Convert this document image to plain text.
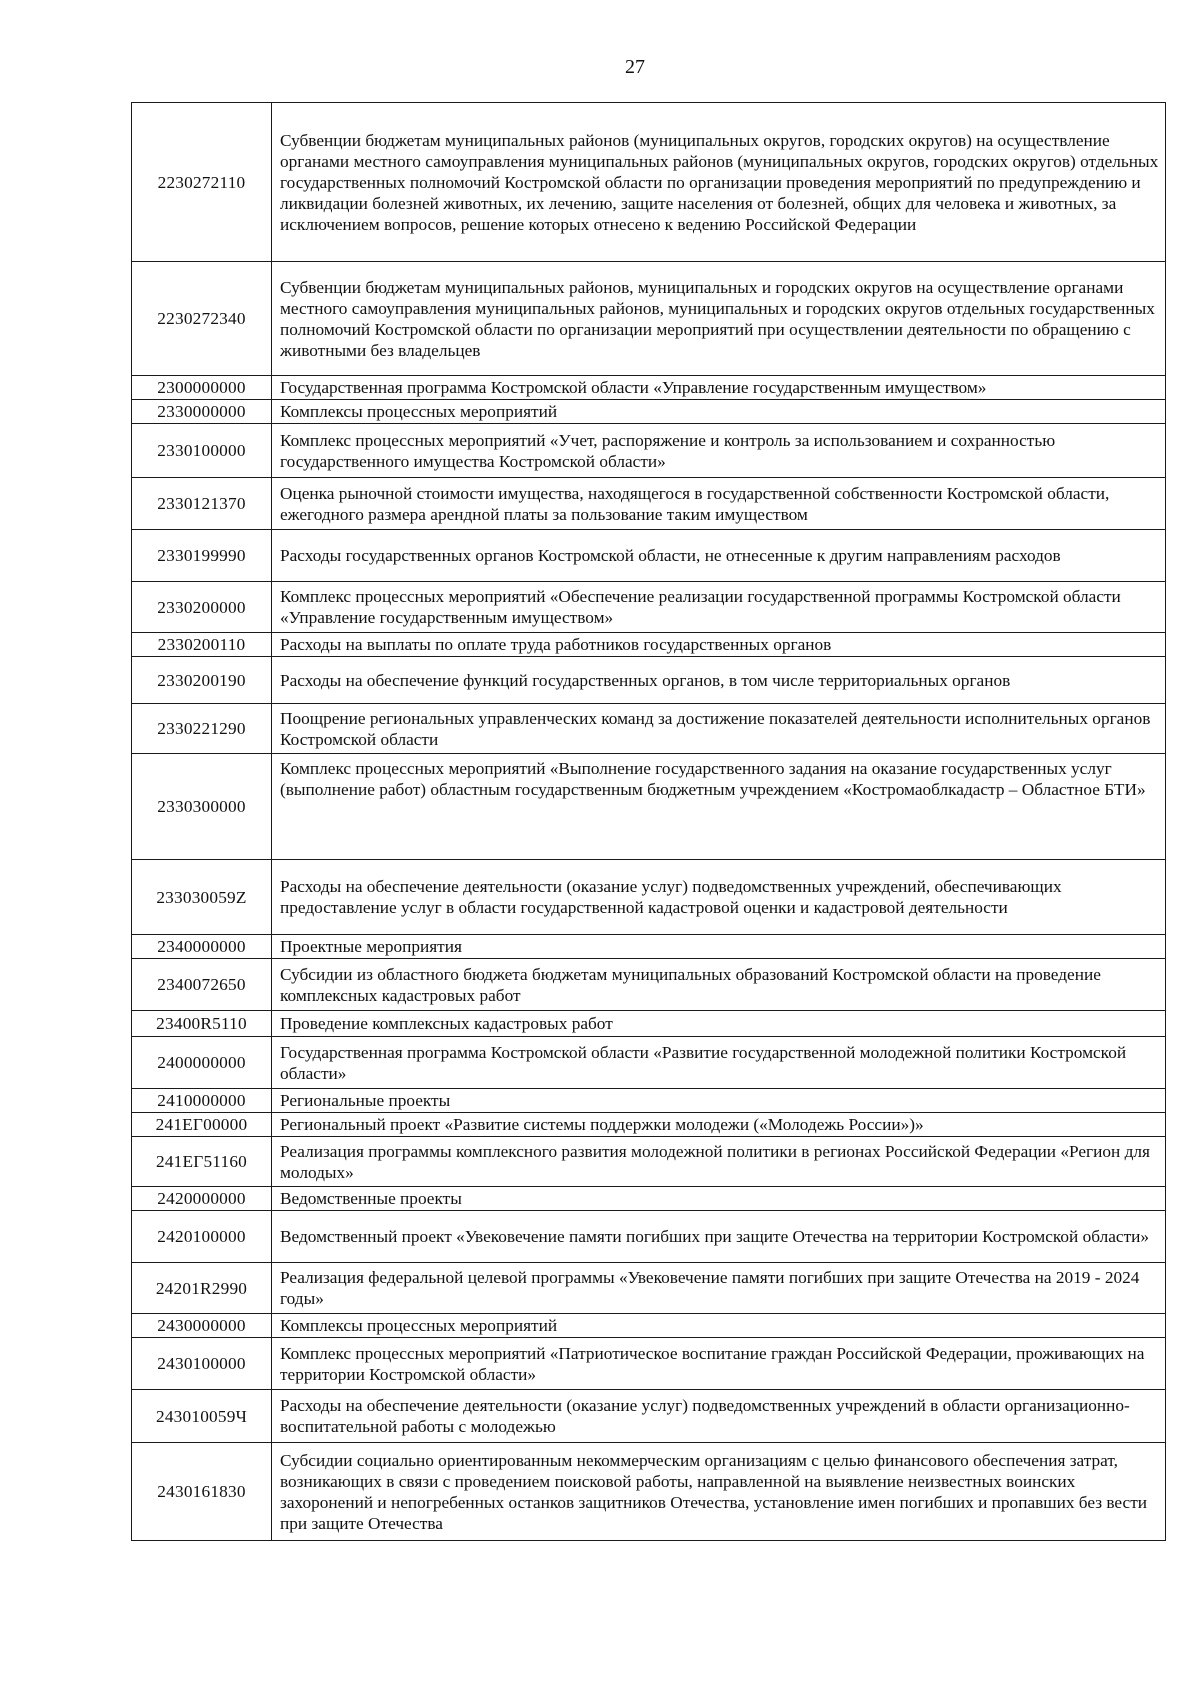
27
2230272110	Субвенции бюджетам муниципальных районов (муниципальных округов, городских округов) на осуществление органами местного самоуправления муниципальных районов (муниципальных округов, городских округов) отдельных государственных полномочий Костромской области по организации проведения мероприятий по предупреждению и ликвидации болезней животных, их лечению, защите населения от болезней, общих для человека и животных, за исключением вопросов, решение которых отнесено к ведению Российской Федерации
2230272340	Субвенции бюджетам муниципальных районов, муниципальных и городских округов на осуществление органами местного самоуправления муниципальных районов, муниципальных и городских округов отдельных государственных полномочий Костромской области по организации мероприятий при осуществлении деятельности по обращению с животными без владельцев
2300000000	Государственная программа Костромской области «Управление государственным имуществом»
2330000000	Комплексы процессных мероприятий
2330100000	Комплекс процессных мероприятий «Учет, распоряжение и контроль за использованием и сохранностью государственного имущества Костромской области»
2330121370	Оценка рыночной стоимости имущества, находящегося в государственной собственности Костромской области, ежегодного размера арендной платы за пользование таким имуществом
2330199990	Расходы государственных органов Костромской области, не отнесенные к другим направлениям расходов
2330200000	Комплекс процессных мероприятий «Обеспечение реализации государственной программы Костромской области «Управление государственным имуществом»
2330200110	Расходы на выплаты по оплате труда работников государственных органов
2330200190	Расходы на обеспечение функций государственных органов, в том числе территориальных органов
2330221290	Поощрение региональных управленческих команд за достижение показателей деятельности исполнительных органов Костромской области
2330300000	Комплекс процессных мероприятий «Выполнение государственного задания на оказание государственных услуг (выполнение работ) областным государственным бюджетным учреждением «Костромаоблкадастр – Областное БТИ»
233030059Z	Расходы на обеспечение деятельности (оказание услуг) подведомственных учреждений, обеспечивающих предоставление услуг в области государственной кадастровой оценки и кадастровой деятельности
2340000000	Проектные мероприятия
2340072650	Субсидии из областного бюджета бюджетам муниципальных образований Костромской области на проведение комплексных кадастровых работ
23400R5110	Проведение комплексных кадастровых работ
2400000000	Государственная программа Костромской области «Развитие государственной молодежной политики Костромской области»
2410000000	Региональные проекты
241ЕГ00000	Региональный проект «Развитие системы поддержки молодежи («Молодежь России»)»
241ЕГ51160	Реализация программы комплексного развития молодежной политики в регионах Российской Федерации «Регион для молодых»
2420000000	Ведомственные проекты
2420100000	Ведомственный проект «Увековечение памяти погибших при защите Отечества на территории Костромской области»
24201R2990	Реализация федеральной целевой программы «Увековечение памяти погибших при защите Отечества на 2019 - 2024 годы»
2430000000	Комплексы процессных мероприятий
2430100000	Комплекс процессных мероприятий «Патриотическое воспитание граждан Российской Федерации, проживающих на территории Костромской области»
243010059Ч	Расходы на обеспечение деятельности (оказание услуг) подведомственных учреждений в области организационно-воспитательной работы с молодежью
2430161830	Субсидии социально ориентированным некоммерческим организациям с целью финансового обеспечения затрат, возникающих в связи с проведением поисковой работы, направленной на выявление неизвестных воинских захоронений и непогребенных останков защитников Отечества, установление имен погибших и пропавших без вести при защите Отечества
